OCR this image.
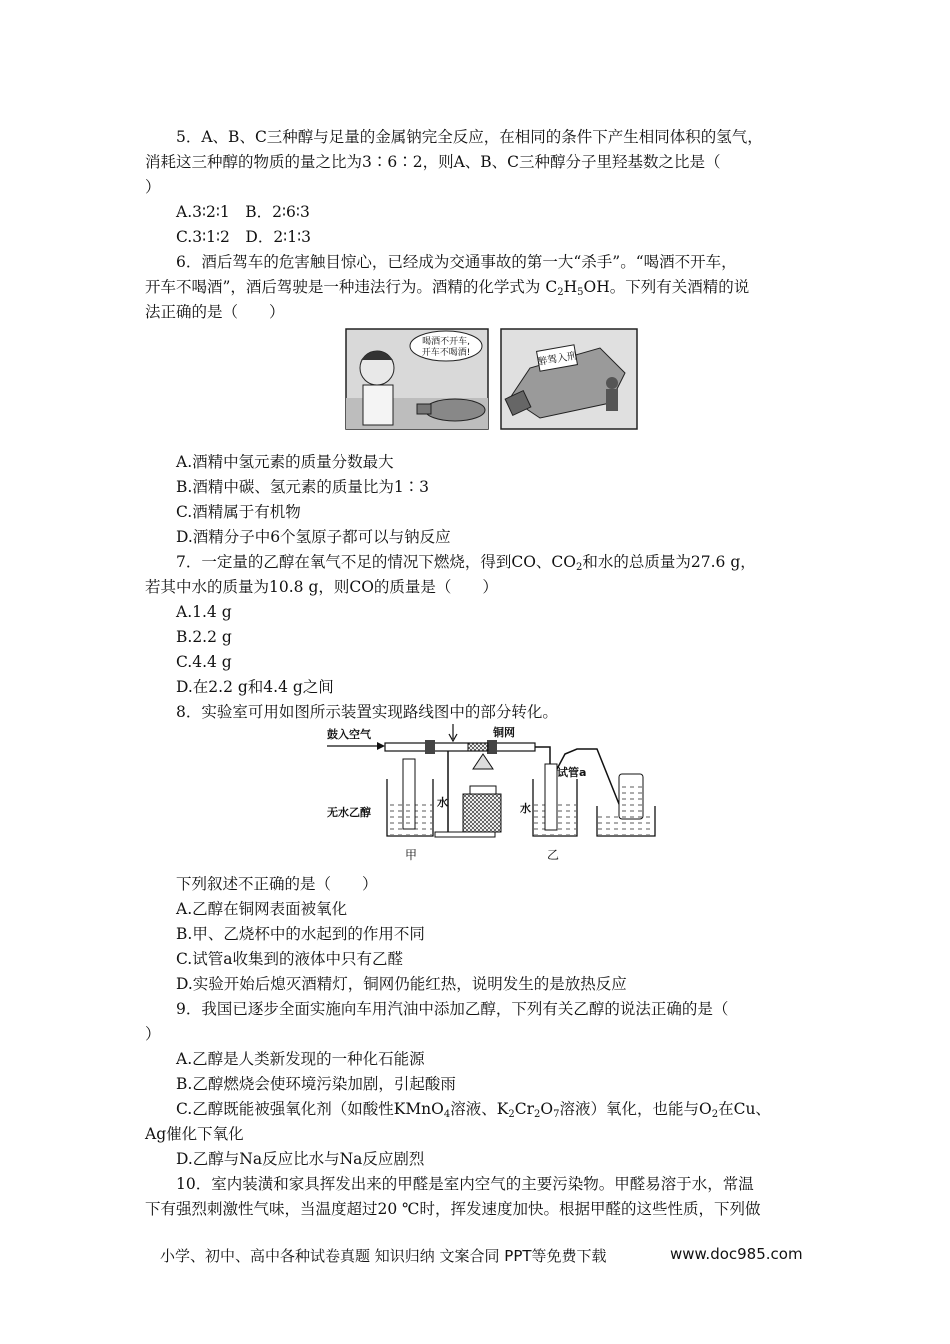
5．A、B、C三种醇与足量的金属钠完全反应，在相同的条件下产生相同体积的氢气，
消耗这三种醇的物质的量之比为3∶6∶2，则A、B、C三种醇分子里羟基数之比是（
）
A.3∶2∶1　B．2∶6∶3
C.3∶1∶2　D．2∶1∶3
6．酒后驾车的危害触目惊心，已经成为交通事故的第一大“杀手”。“喝酒不开车，
开车不喝酒”，酒后驾驶是一种违法行为。酒精的化学式为 $C_2H_5OH$。下列有关酒精的说
法正确的是（　　）
喝酒不开车,
开车不喝酒!	醉驾入刑
A.酒精中氢元素的质量分数最大
B.酒精中碳、氢元素的质量比为1∶3
C.酒精属于有机物
D.酒精分子中6个氢原子都可以与钠反应
7．一定量的乙醇在氧气不足的情况下燃烧，得到CO、$CO_2$和水的总质量为27.6 g，
若其中水的质量为10.8 g，则CO的质量是（　　）
A.1.4 g
B.2.2 g
C.4.4 g
D.在2.2 g和4.4 g之间
8．实验室可用如图所示装置实现路线图中的部分转化。
鼓入空气	铜网
无水乙醇
水
甲
试管a
水
乙
下列叙述不正确的是（　　）
A.乙醇在铜网表面被氧化
B.甲、乙烧杯中的水起到的作用不同
C.试管a收集到的液体中只有乙醛
D.实验开始后熄灭酒精灯，铜网仍能红热，说明发生的是放热反应
9．我国已逐步全面实施向车用汽油中添加乙醇，下列有关乙醇的说法正确的是（
）
A.乙醇是人类新发现的一种化石能源
B.乙醇燃烧会使环境污染加剧，引起酸雨
C.乙醇既能被强氧化剂（如酸性KMnO$_4$溶液、$K_2Cr_2O_7$溶液）氧化，也能与$O_2$在Cu、
Ag催化下氧化
D.乙醇与Na反应比水与Na反应剧烈
10．室内装潢和家具挥发出来的甲醛是室内空气的主要污染物。甲醛易溶于水，常温
下有强烈刺激性气味，当温度超过20 ℃时，挥发速度加快。根据甲醛的这些性质，下列做
小学、初中、高中各种试卷真题 知识归纳 文案合同 PPT等免费下载	www.doc985.com
